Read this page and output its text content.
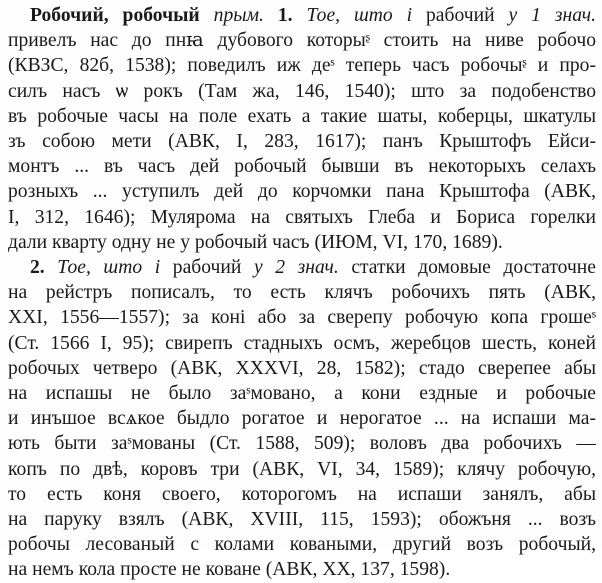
Робочий, робочый прым. 1. Тое, што і рабочий у 1 знач.
привелъ нас до пнꙗ дубового которыᶳ стоить на ниве робочо
(КВЗС, 82б, 1538); поведилъ иж деˢ теперь часъ робочыᶳ и про-
силъ насъ ѡ рокъ (Там жа, 146, 1540); што за подобенство
въ робочые часы на поле ехать а такие шаты, коберцы, шкатулы
зъ собою мети (АВК, І, 283, 1617); панъ Крыштофъ Ейси-
монтъ ... въ часъ дей робочый бывши въ некоторыхъ селахъ
розныхъ ... уступилъ дей до корчомки пана Крыштофа (АВК,
І, 312, 1646); Мулярома на святыхъ Глеба и Бориса горелки
дали кварту одну не у робочый часъ (ИЮМ, VI, 170, 1689).
2. Тое, што і рабочий у 2 знач. статки домовые достаточне
на рейстръ пописалъ, то есть клячъ робочихъ пять (АВК,
ХХІ, 1556—1557); за коні або за сверепу робочую копа грошеˢ
(Ст. 1566 І, 95); свирепъ стадныхъ осмъ, жеребцов шесть, коней
робочых четверо (АВК, ХХХVІ, 28, 1582); стадо сверепее абы
на испашы не было заˢмовано, а кони ездные и робочые
и инъшое всѧкое быдло рогатое и нерогатое ... на испаши ма-
ють быти заˢмованы (Ст. 1588, 509); воловъ два робочихъ —
копъ по двѣ, коровъ три (АВК, VI, 34, 1589); клячу робочую,
то есть коня своего, которогомъ на испаши занялъ, абы
на паруку взялъ (АВК, ХVІІІ, 115, 1593); обожъня ... возъ
робочы лесованый с колами коваными, другий возъ робочый,
на немъ кола просте не коване (АВК, ХХ, 137, 1598).
